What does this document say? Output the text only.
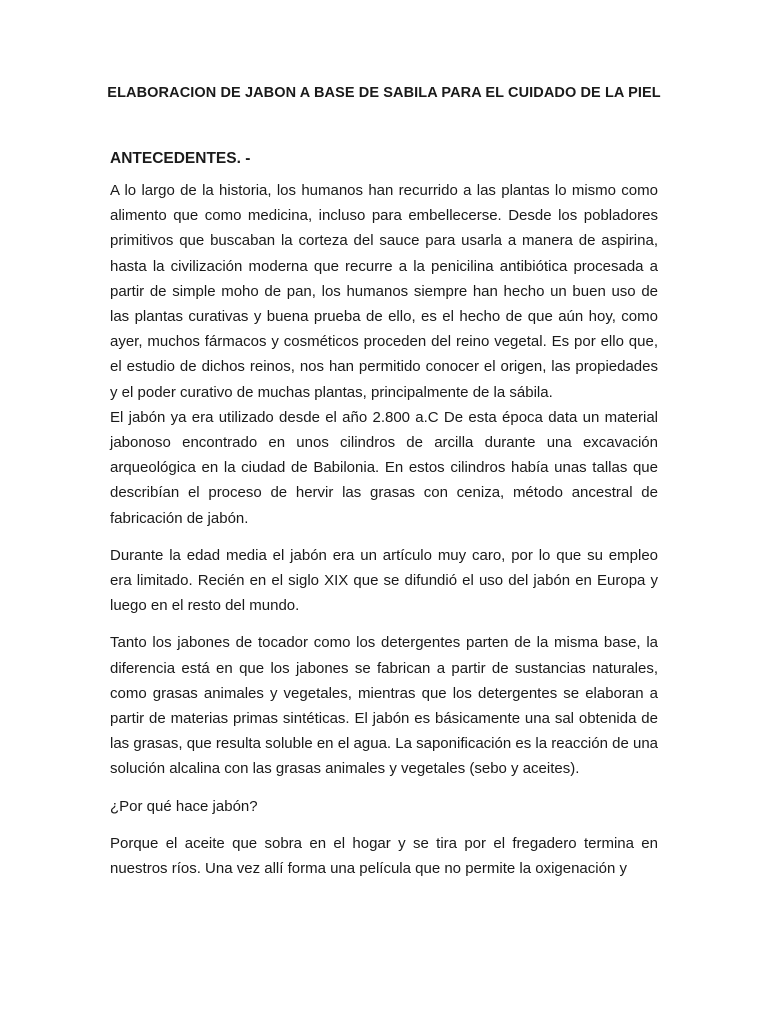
ELABORACION DE JABON A BASE DE SABILA PARA EL CUIDADO DE LA PIEL
ANTECEDENTES. -

A lo largo de la historia, los humanos han recurrido a las plantas lo mismo como alimento que como medicina, incluso para embellecerse. Desde los pobladores primitivos que buscaban la corteza del sauce para usarla a manera de aspirina, hasta la civilización moderna que recurre a la penicilina antibiótica procesada a partir de simple moho de pan, los humanos siempre han hecho un buen uso de las plantas curativas y buena prueba de ello, es el hecho de que aún hoy, como ayer, muchos fármacos y cosméticos proceden del reino vegetal. Es por ello que, el estudio de dichos reinos, nos han permitido conocer el origen, las propiedades y el poder curativo de muchas plantas, principalmente de la sábila.

El jabón ya era utilizado desde el año 2.800 a.C De esta época data un material jabonoso encontrado en unos cilindros de arcilla durante una excavación arqueológica en la ciudad de Babilonia. En estos cilindros había unas tallas que describían el proceso de hervir las grasas con ceniza, método ancestral de fabricación de jabón.

Durante la edad media el jabón era un artículo muy caro, por lo que su empleo era limitado. Recién en el siglo XIX que se difundió el uso del jabón en Europa y luego en el resto del mundo.

Tanto los jabones de tocador como los detergentes parten de la misma base, la diferencia está en que los jabones se fabrican a partir de sustancias naturales, como grasas animales y vegetales, mientras que los detergentes se elaboran a partir de materias primas sintéticas. El jabón es básicamente una sal obtenida de las grasas, que resulta soluble en el agua. La saponificación es la reacción de una solución alcalina con las grasas animales y vegetales (sebo y aceites).

¿Por qué hace jabón?

Porque el aceite que sobra en el hogar y se tira por el fregadero termina en nuestros ríos. Una vez allí forma una película que no permite la oxigenación y
